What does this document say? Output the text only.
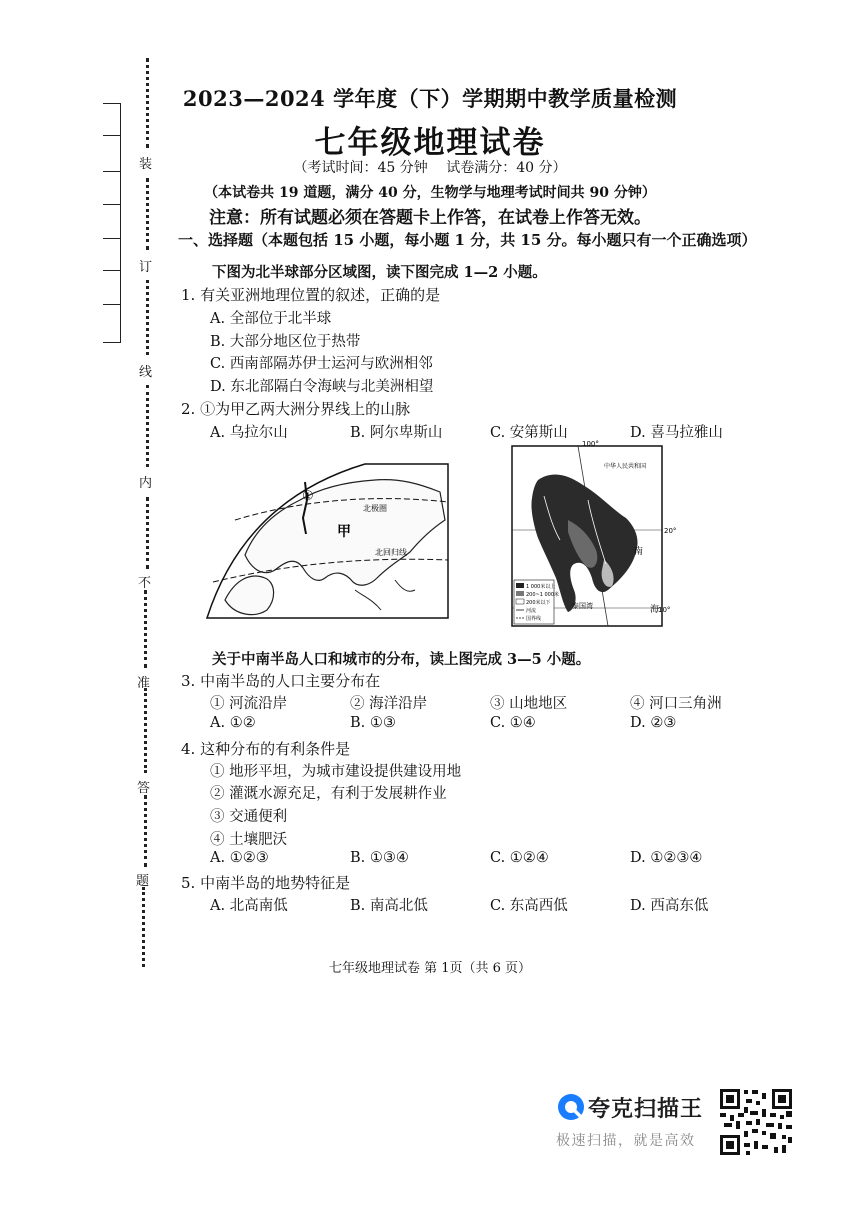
装
订
线
内
不
准
答
题
2023—2024 学年度（下）学期期中教学质量检测
七年级地理试卷
（考试时间：45 分钟　 试卷满分：40 分）
（本试卷共 19 道题，满分 40 分，生物学与地理考试时间共 90 分钟）
注意：所有试题必须在答题卡上作答，在试卷上作答无效。
一、选择题（本题包括 15 小题，每小题 1 分，共 15 分。每小题只有一个正确选项）
下图为北半球部分区域图，读下图完成 1—2 小题。
1. 有关亚洲地理位置的叙述，正确的是
A. 全部位于北半球
B. 大部分地区位于热带
C. 西南部隔苏伊士运河与欧洲相邻
D. 东北部隔白令海峡与北美洲相望
2. ①为甲乙两大洲分界线上的山脉
A. 乌拉尔山	B. 阿尔卑斯山	C. 安第斯山	D. 喜马拉雅山
①
北极圈
甲
北回归线
100°
20°
10°
中华人民共和国
南
海
泰国湾
1 000米以上
200~1 000米
200米以下
河流
国界线
关于中南半岛人口和城市的分布，读上图完成 3—5 小题。
3. 中南半岛的人口主要分布在
① 河流沿岸	② 海洋沿岸	③ 山地地区	④ 河口三角洲
A. ①②	B. ①③	C. ①④	D. ②③
4. 这种分布的有利条件是
① 地形平坦，为城市建设提供建设用地
② 灌溉水源充足，有利于发展耕作业
③ 交通便利
④ 土壤肥沃
A. ①②③	B. ①③④	C. ①②④	D. ①②③④
5. 中南半岛的地势特征是
A. 北高南低	B. 南高北低	C. 东高西低	D. 西高东低
七年级地理试卷 第 1页（共 6 页）
夸克扫描王
极速扫描，就是高效
